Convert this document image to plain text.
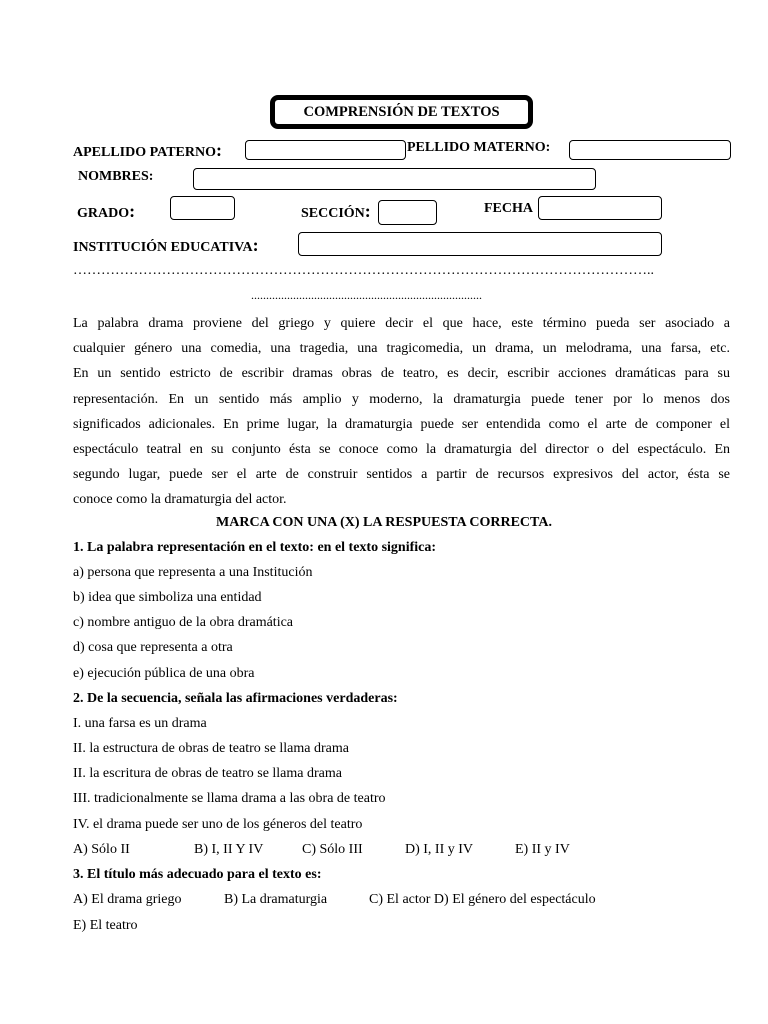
COMPRENSIÓN DE TEXTOS
APELLIDO PATERNO:	PELLIDO MATERNO:
NOMBRES:
GRADO:	SECCIÓN:	FECHA
INSTITUCIÓN EDUCATIVA:
……………………………………………………………………………………………………………..
.............................................................................
La palabra drama proviene del griego y quiere decir el que hace, este término pueda ser asociado a
cualquier género una comedia, una tragedia, una tragicomedia, un drama, un melodrama, una farsa, etc.
En un sentido estricto de escribir dramas obras de teatro, es decir, escribir acciones dramáticas para su
representación. En un sentido más amplio y moderno, la dramaturgia puede tener por lo menos dos
significados adicionales. En prime lugar, la dramaturgia puede ser entendida como el arte de componer el
espectáculo teatral en su conjunto ésta se conoce como la dramaturgia del director o del espectáculo. En
segundo lugar, puede ser el arte de construir sentidos a partir de recursos expresivos del actor, ésta se
conoce como la dramaturgia del actor.
MARCA CON UNA (X) LA RESPUESTA CORRECTA.
1. La palabra representación en el texto: en el texto significa:
a) persona que representa a una Institución
b) idea que simboliza una entidad
c) nombre antiguo de la obra dramática
d) cosa que representa a otra
e) ejecución pública de una obra
2. De la secuencia, señala las afirmaciones verdaderas:
I. una farsa es un drama
II. la estructura de obras de teatro se llama drama
II. la escritura de obras de teatro se llama drama
III. tradicionalmente se llama drama a las obra de teatro
IV. el drama puede ser uno de los géneros del teatro
A) Sólo II	B) I, II Y IV	C) Sólo III	D) I, II y IV	E) II y IV
3. El título más adecuado para el texto es:
A) El drama griego	B) La dramaturgia	C) El actor D) El género del espectáculo
E) El teatro
